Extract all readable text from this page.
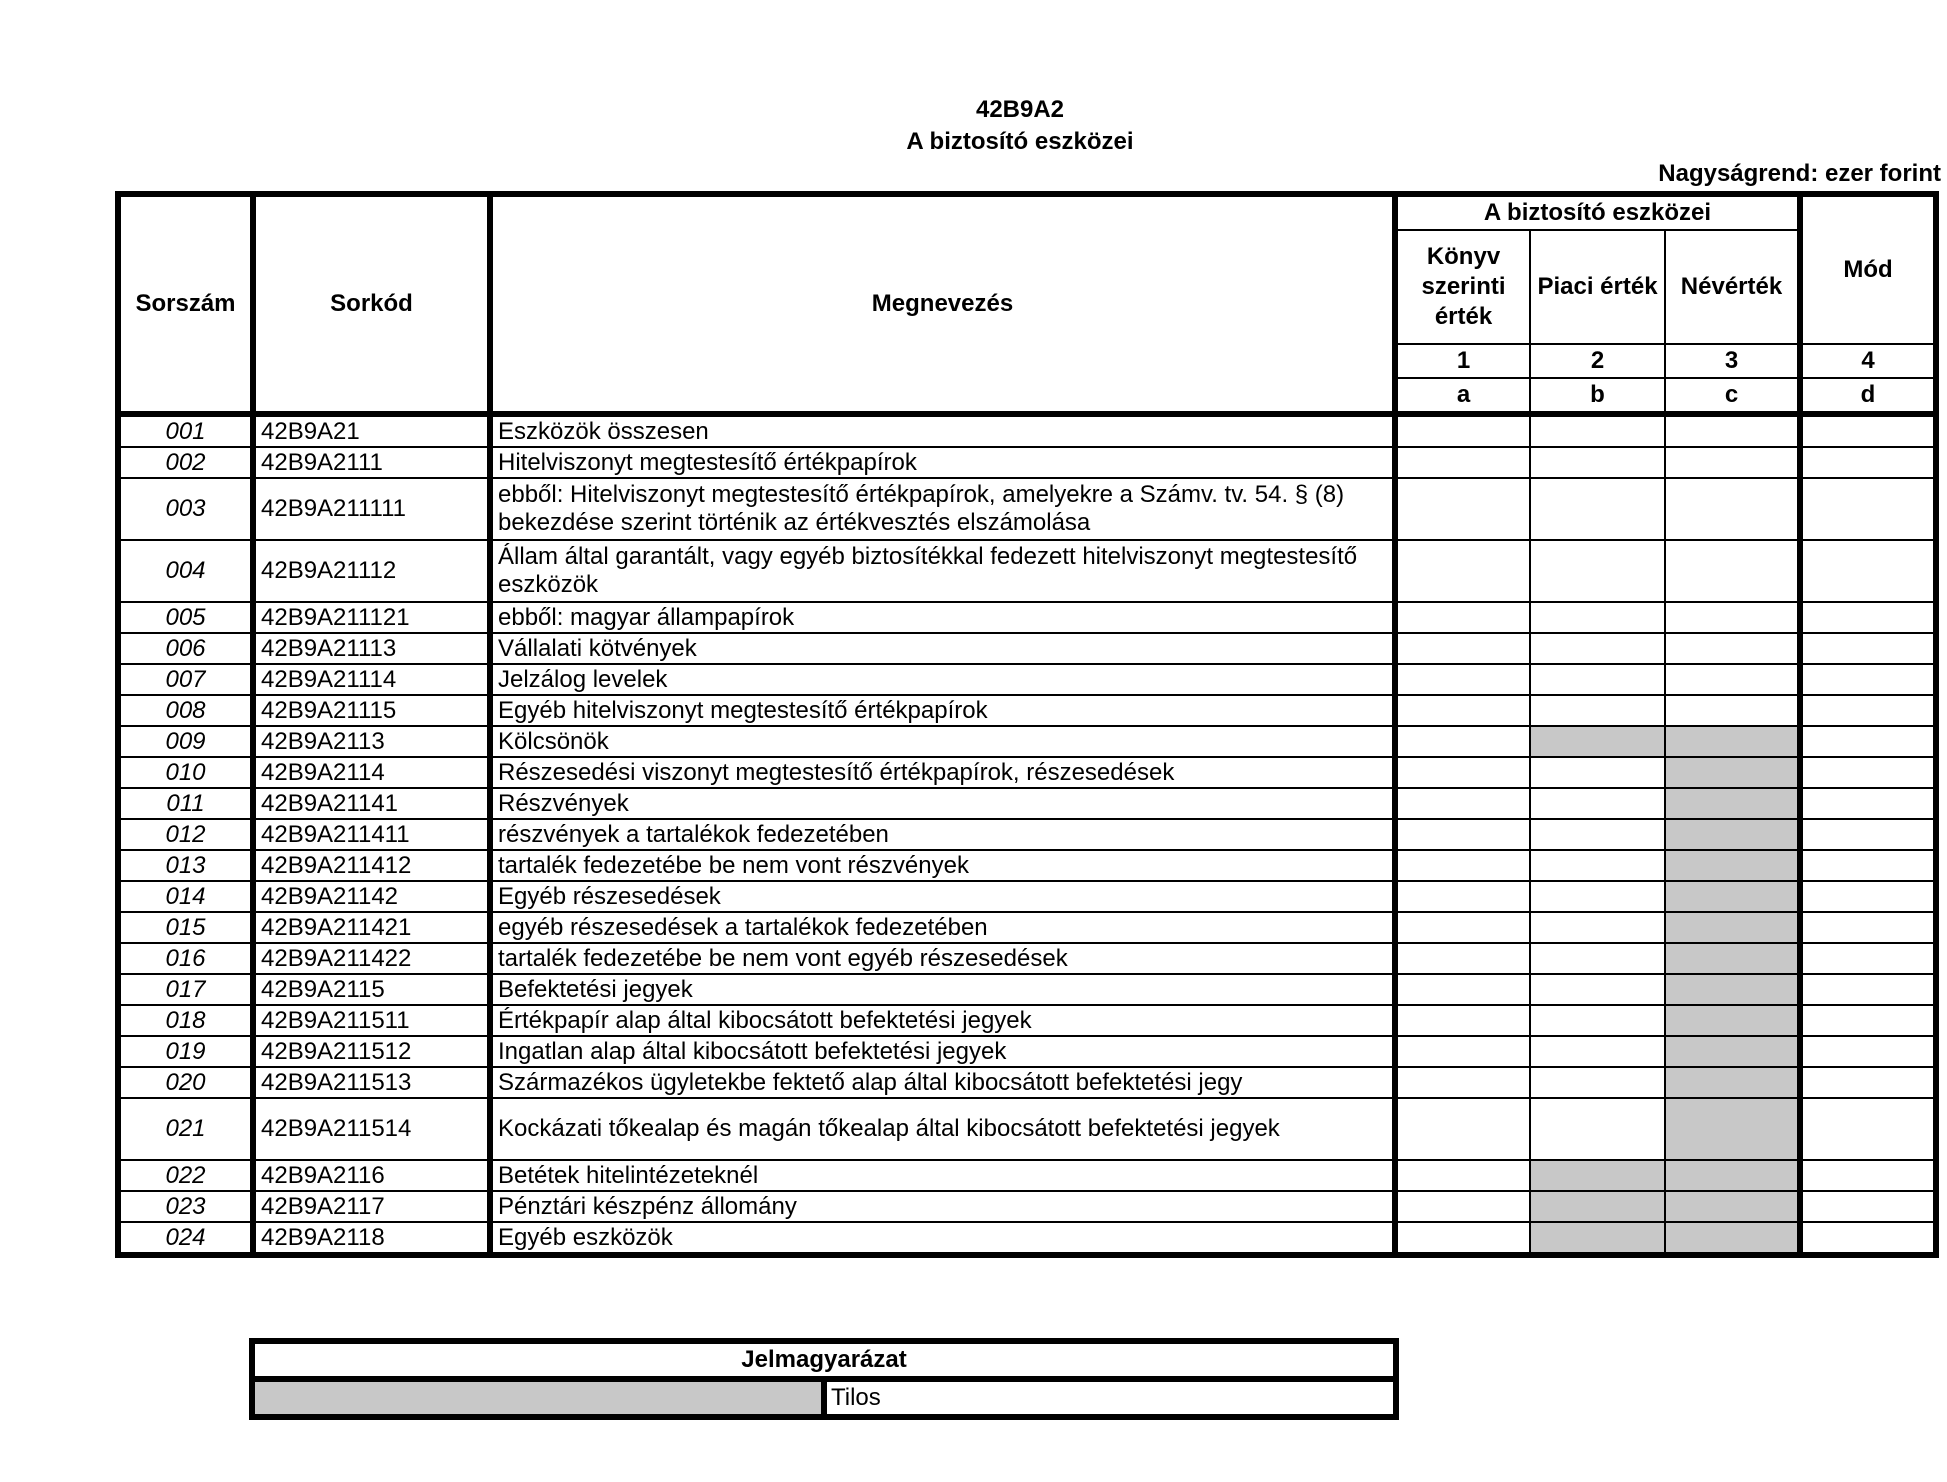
42B9A2
A biztosító eszközei
Nagyságrend: ezer forint
Sorszám	Sorkód	Megnevezés	A biztosító eszközei			Mód
			Könyv szerinti érték	Piaci érték	Névérték	
			1	2	3	4
			a	b	c	d
001	42B9A21	Eszközök összesen				
002	42B9A2111	Hitelviszonyt megtestesítő értékpapírok				
003	42B9A211111	ebből: Hitelviszonyt megtestesítő értékpapírok, amelyekre a Számv. tv. 54. § (8) bekezdése szerint történik az értékvesztés elszámolása				
004	42B9A21112	Állam által garantált, vagy egyéb biztosítékkal fedezett hitelviszonyt megtestesítő eszközök				
005	42B9A211121	ebből: magyar állampapírok				
006	42B9A21113	Vállalati kötvények				
007	42B9A21114	Jelzálog levelek				
008	42B9A21115	Egyéb hitelviszonyt megtestesítő értékpapírok				
009	42B9A2113	Kölcsönök				
010	42B9A2114	Részesedési viszonyt megtestesítő értékpapírok, részesedések				
011	42B9A21141	Részvények				
012	42B9A211411	részvények a tartalékok fedezetében				
013	42B9A211412	tartalék fedezetébe be nem vont részvények				
014	42B9A21142	Egyéb részesedések				
015	42B9A211421	egyéb részesedések a tartalékok fedezetében				
016	42B9A211422	tartalék fedezetébe be nem vont egyéb részesedések				
017	42B9A2115	Befektetési jegyek				
018	42B9A211511	Értékpapír alap által kibocsátott befektetési jegyek				
019	42B9A211512	Ingatlan alap által kibocsátott befektetési jegyek				
020	42B9A211513	Származékos ügyletekbe fektető alap által kibocsátott befektetési jegy				
021	42B9A211514	Kockázati tőkealap és magán tőkealap által kibocsátott befektetési jegyek				
022	42B9A2116	Betétek hitelintézeteknél				
023	42B9A2117	Pénztári készpénz állomány				
024	42B9A2118	Egyéb eszközök				
Jelmagyarázat
	Tilos
